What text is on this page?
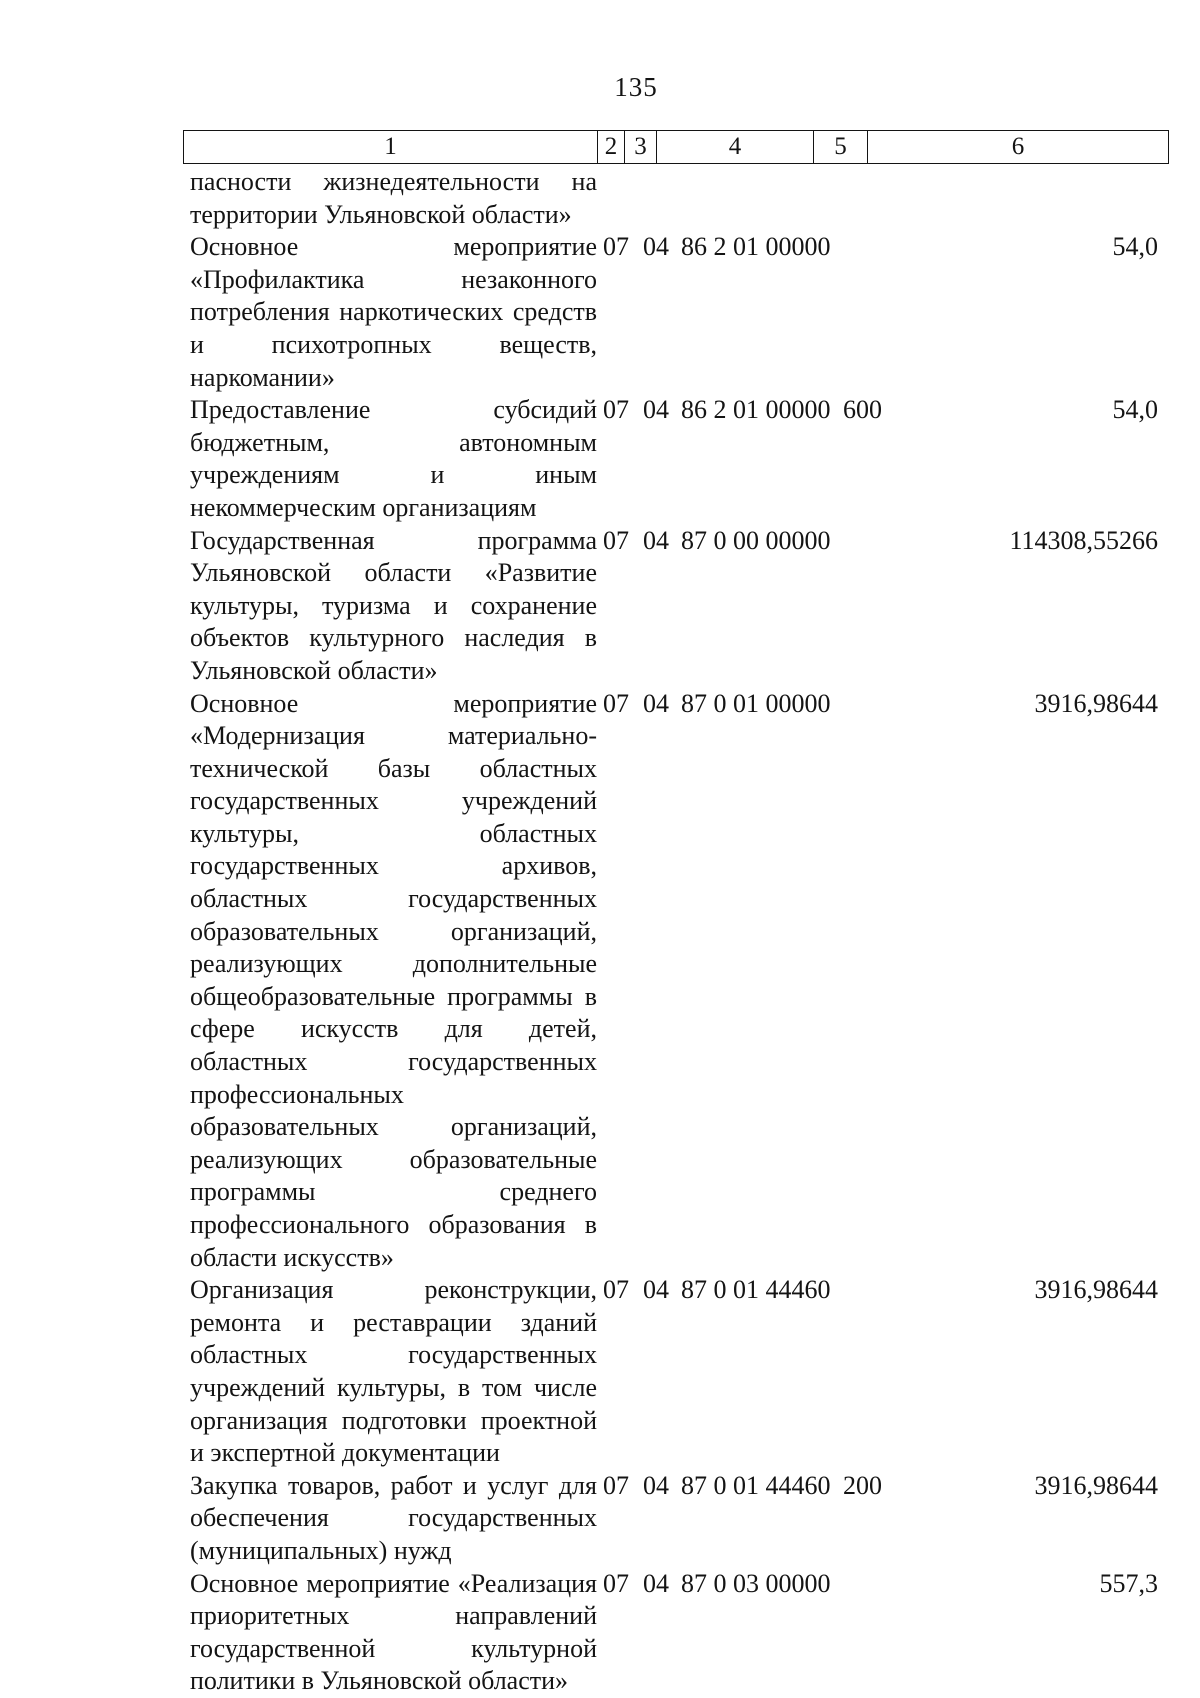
135
1	2	3	4	5	6
пасности жизнедеятельности на территории Ульяновской области»					
Основное мероприятие «Профилактика незаконного потребления наркотических средств и психотропных веществ, наркомании»	07	04	86 2 01 00000		54,0
Предоставление субсидий бюджетным, автономным учреждениям и иным некоммерческим организациям	07	04	86 2 01 00000	600	54,0
Государственная программа Ульяновской области «Развитие культуры, туризма и сохранение объектов культурного наследия в Ульяновской области»	07	04	87 0 00 00000		114308,55266
Основное мероприятие «Модернизация материально-технической базы областных государственных учреждений культуры, областных государственных архивов, областных государственных образовательных организаций, реализующих дополнительные общеобразовательные программы в сфере искусств для детей, областных государственных профессиональных образовательных организаций, реализующих образовательные программы среднего профессионального образования в области искусств»	07	04	87 0 01 00000		3916,98644
Организация реконструкции, ремонта и реставрации зданий областных государственных учреждений культуры, в том числе организация подготовки проектной и экспертной документации	07	04	87 0 01 44460		3916,98644
Закупка товаров, работ и услуг для обеспечения государственных (муниципальных) нужд	07	04	87 0 01 44460	200	3916,98644
Основное мероприятие «Реализация приоритетных направлений государственной культурной политики в Ульяновской области»	07	04	87 0 03 00000		557,3
